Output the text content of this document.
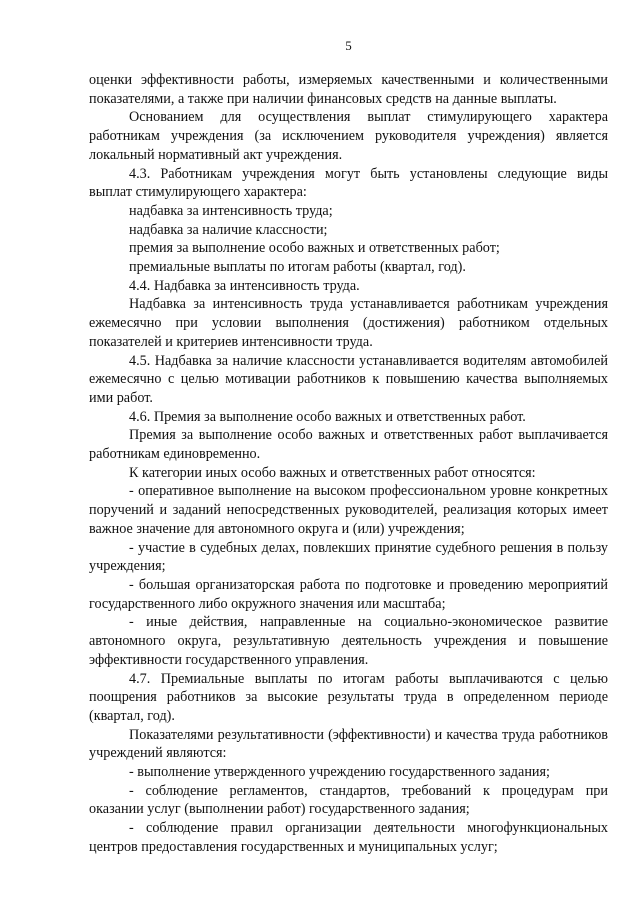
5

оценки эффективности работы, измеряемых качественными и количественными показателями, а также при наличии финансовых средств на данные выплаты.

Основанием для осуществления выплат стимулирующего характера работникам учреждения (за исключением руководителя учреждения) является локальный нормативный акт учреждения.

4.3. Работникам учреждения могут быть установлены следующие виды выплат стимулирующего характера:

надбавка за интенсивность труда;

надбавка за наличие классности;

премия за выполнение особо важных и ответственных работ;

премиальные выплаты по итогам работы (квартал, год).

4.4. Надбавка за интенсивность труда.

Надбавка за интенсивность труда устанавливается работникам учреждения ежемесячно при условии выполнения (достижения) работником отдельных показателей и критериев интенсивности труда.

4.5. Надбавка за наличие классности устанавливается водителям автомобилей ежемесячно с целью мотивации работников к повышению качества выполняемых ими работ.

4.6. Премия за выполнение особо важных и ответственных работ.

Премия за выполнение особо важных и ответственных работ выплачивается работникам единовременно.

К категории иных особо важных и ответственных работ относятся:

- оперативное выполнение на высоком профессиональном уровне конкретных поручений и заданий непосредственных руководителей, реализация которых имеет важное значение для автономного округа и (или) учреждения;

- участие в судебных делах, повлекших принятие судебного решения в пользу учреждения;

- большая организаторская работа по подготовке и проведению мероприятий государственного либо окружного значения или масштаба;

- иные действия, направленные на социально-экономическое развитие автономного округа, результативную деятельность учреждения и повышение эффективности государственного управления.

4.7. Премиальные выплаты по итогам работы выплачиваются с целью поощрения работников за высокие результаты труда в определенном периоде (квартал, год).

Показателями результативности (эффективности) и качества труда работников учреждений являются:

- выполнение утвержденного учреждению государственного задания;

- соблюдение регламентов, стандартов, требований к процедурам при оказании услуг (выполнении работ) государственного задания;

- соблюдение правил организации деятельности многофункциональных центров предоставления государственных и муниципальных услуг;
